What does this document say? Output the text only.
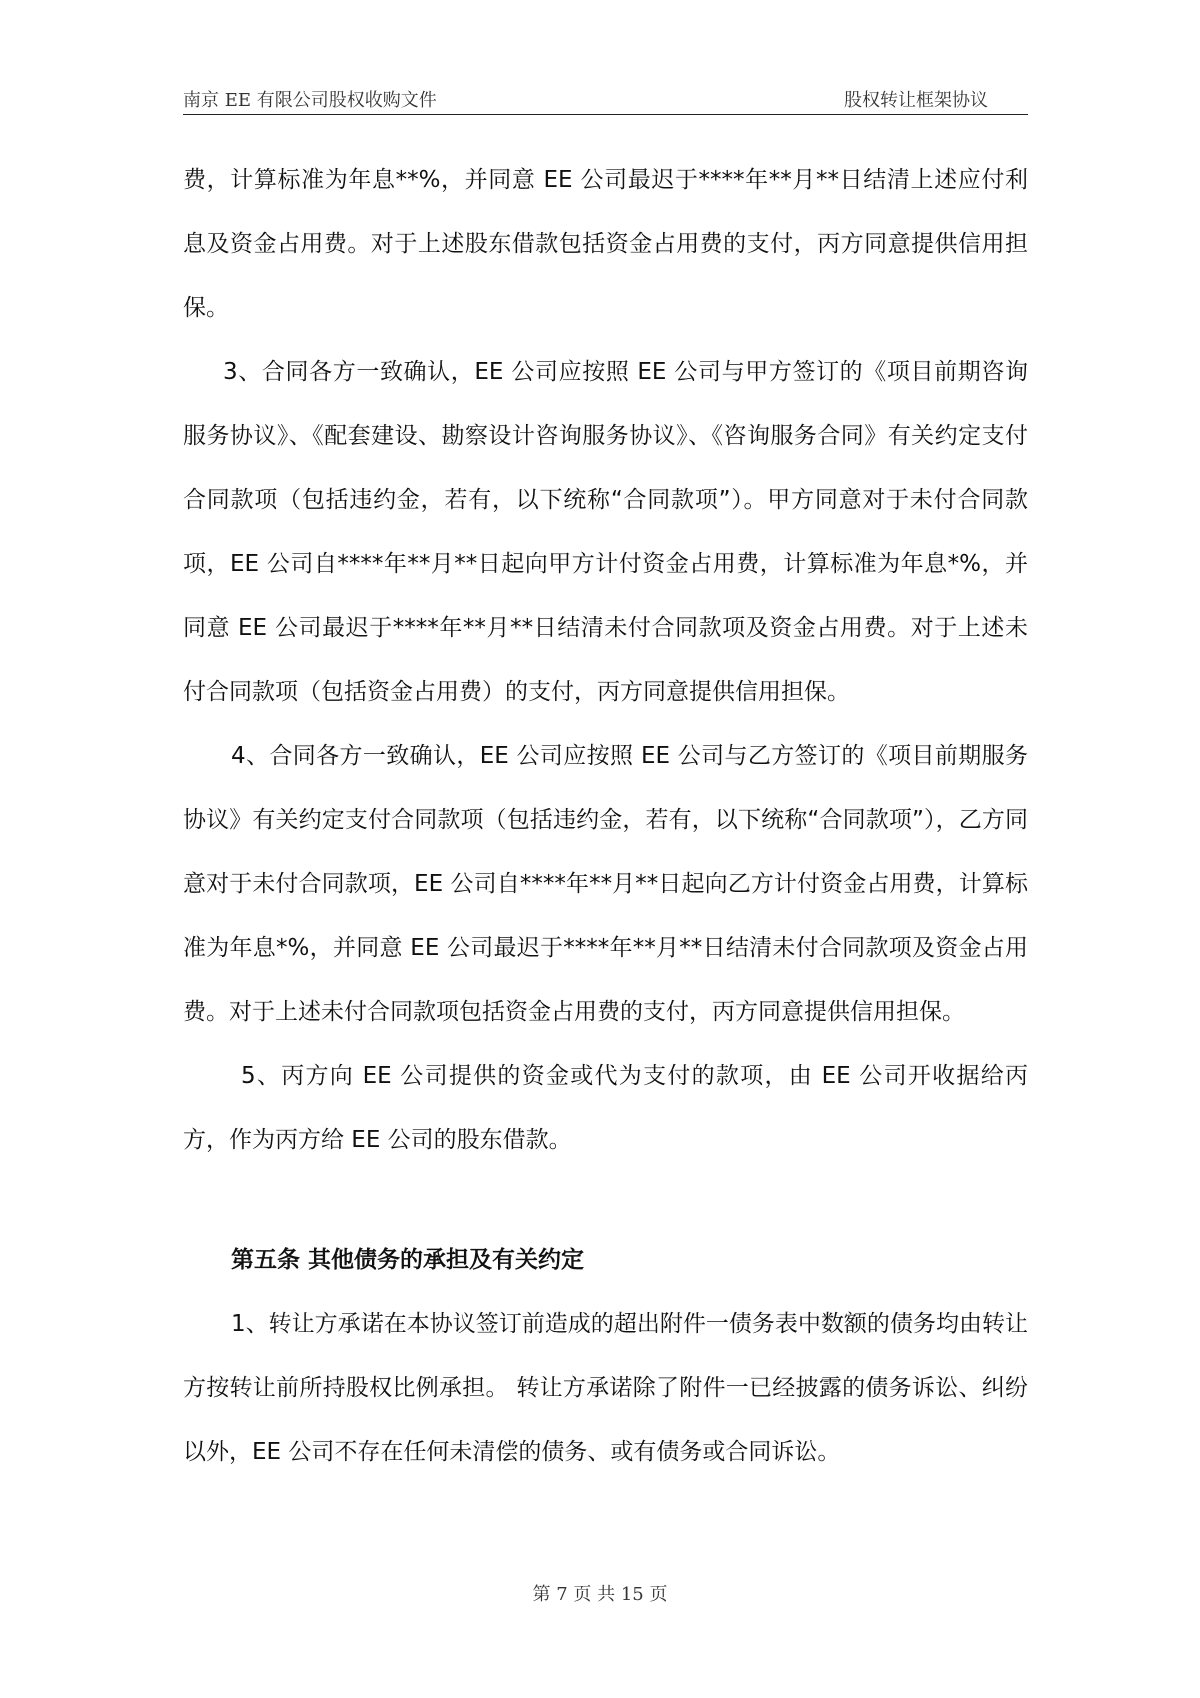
南京 EE 有限公司股权收购文件	股权转让框架协议

费，计算标准为年息**%，并同意 EE 公司最迟于****年**月**日结清上述应付利息及资金占用费。对于上述股东借款包括资金占用费的支付，丙方同意提供信用担保。

3、合同各方一致确认，EE 公司应按照 EE 公司与甲方签订的《项目前期咨询服务协议》、《配套建设、勘察设计咨询服务协议》、《咨询服务合同》有关约定支付合同款项（包括违约金，若有，以下统称“合同款项”）。甲方同意对于未付合同款项，EE 公司自****年**月**日起向甲方计付资金占用费，计算标准为年息*%，并同意 EE 公司最迟于****年**月**日结清未付合同款项及资金占用费。对于上述未付合同款项（包括资金占用费）的支付，丙方同意提供信用担保。

4、合同各方一致确认，EE 公司应按照 EE 公司与乙方签订的《项目前期服务协议》有关约定支付合同款项（包括违约金，若有，以下统称“合同款项”），乙方同意对于未付合同款项，EE 公司自****年**月**日起向乙方计付资金占用费，计算标准为年息*%，并同意 EE 公司最迟于****年**月**日结清未付合同款项及资金占用费。对于上述未付合同款项包括资金占用费的支付，丙方同意提供信用担保。

5、丙方向 EE 公司提供的资金或代为支付的款项，由 EE 公司开收据给丙方，作为丙方给 EE 公司的股东借款。

第五条 其他债务的承担及有关约定

1、转让方承诺在本协议签订前造成的超出附件一债务表中数额的债务均由转让方按转让前所持股权比例承担。 转让方承诺除了附件一已经披露的债务诉讼、纠纷以外，EE 公司不存在任何未清偿的债务、或有债务或合同诉讼。

第 7 页 共 15 页
